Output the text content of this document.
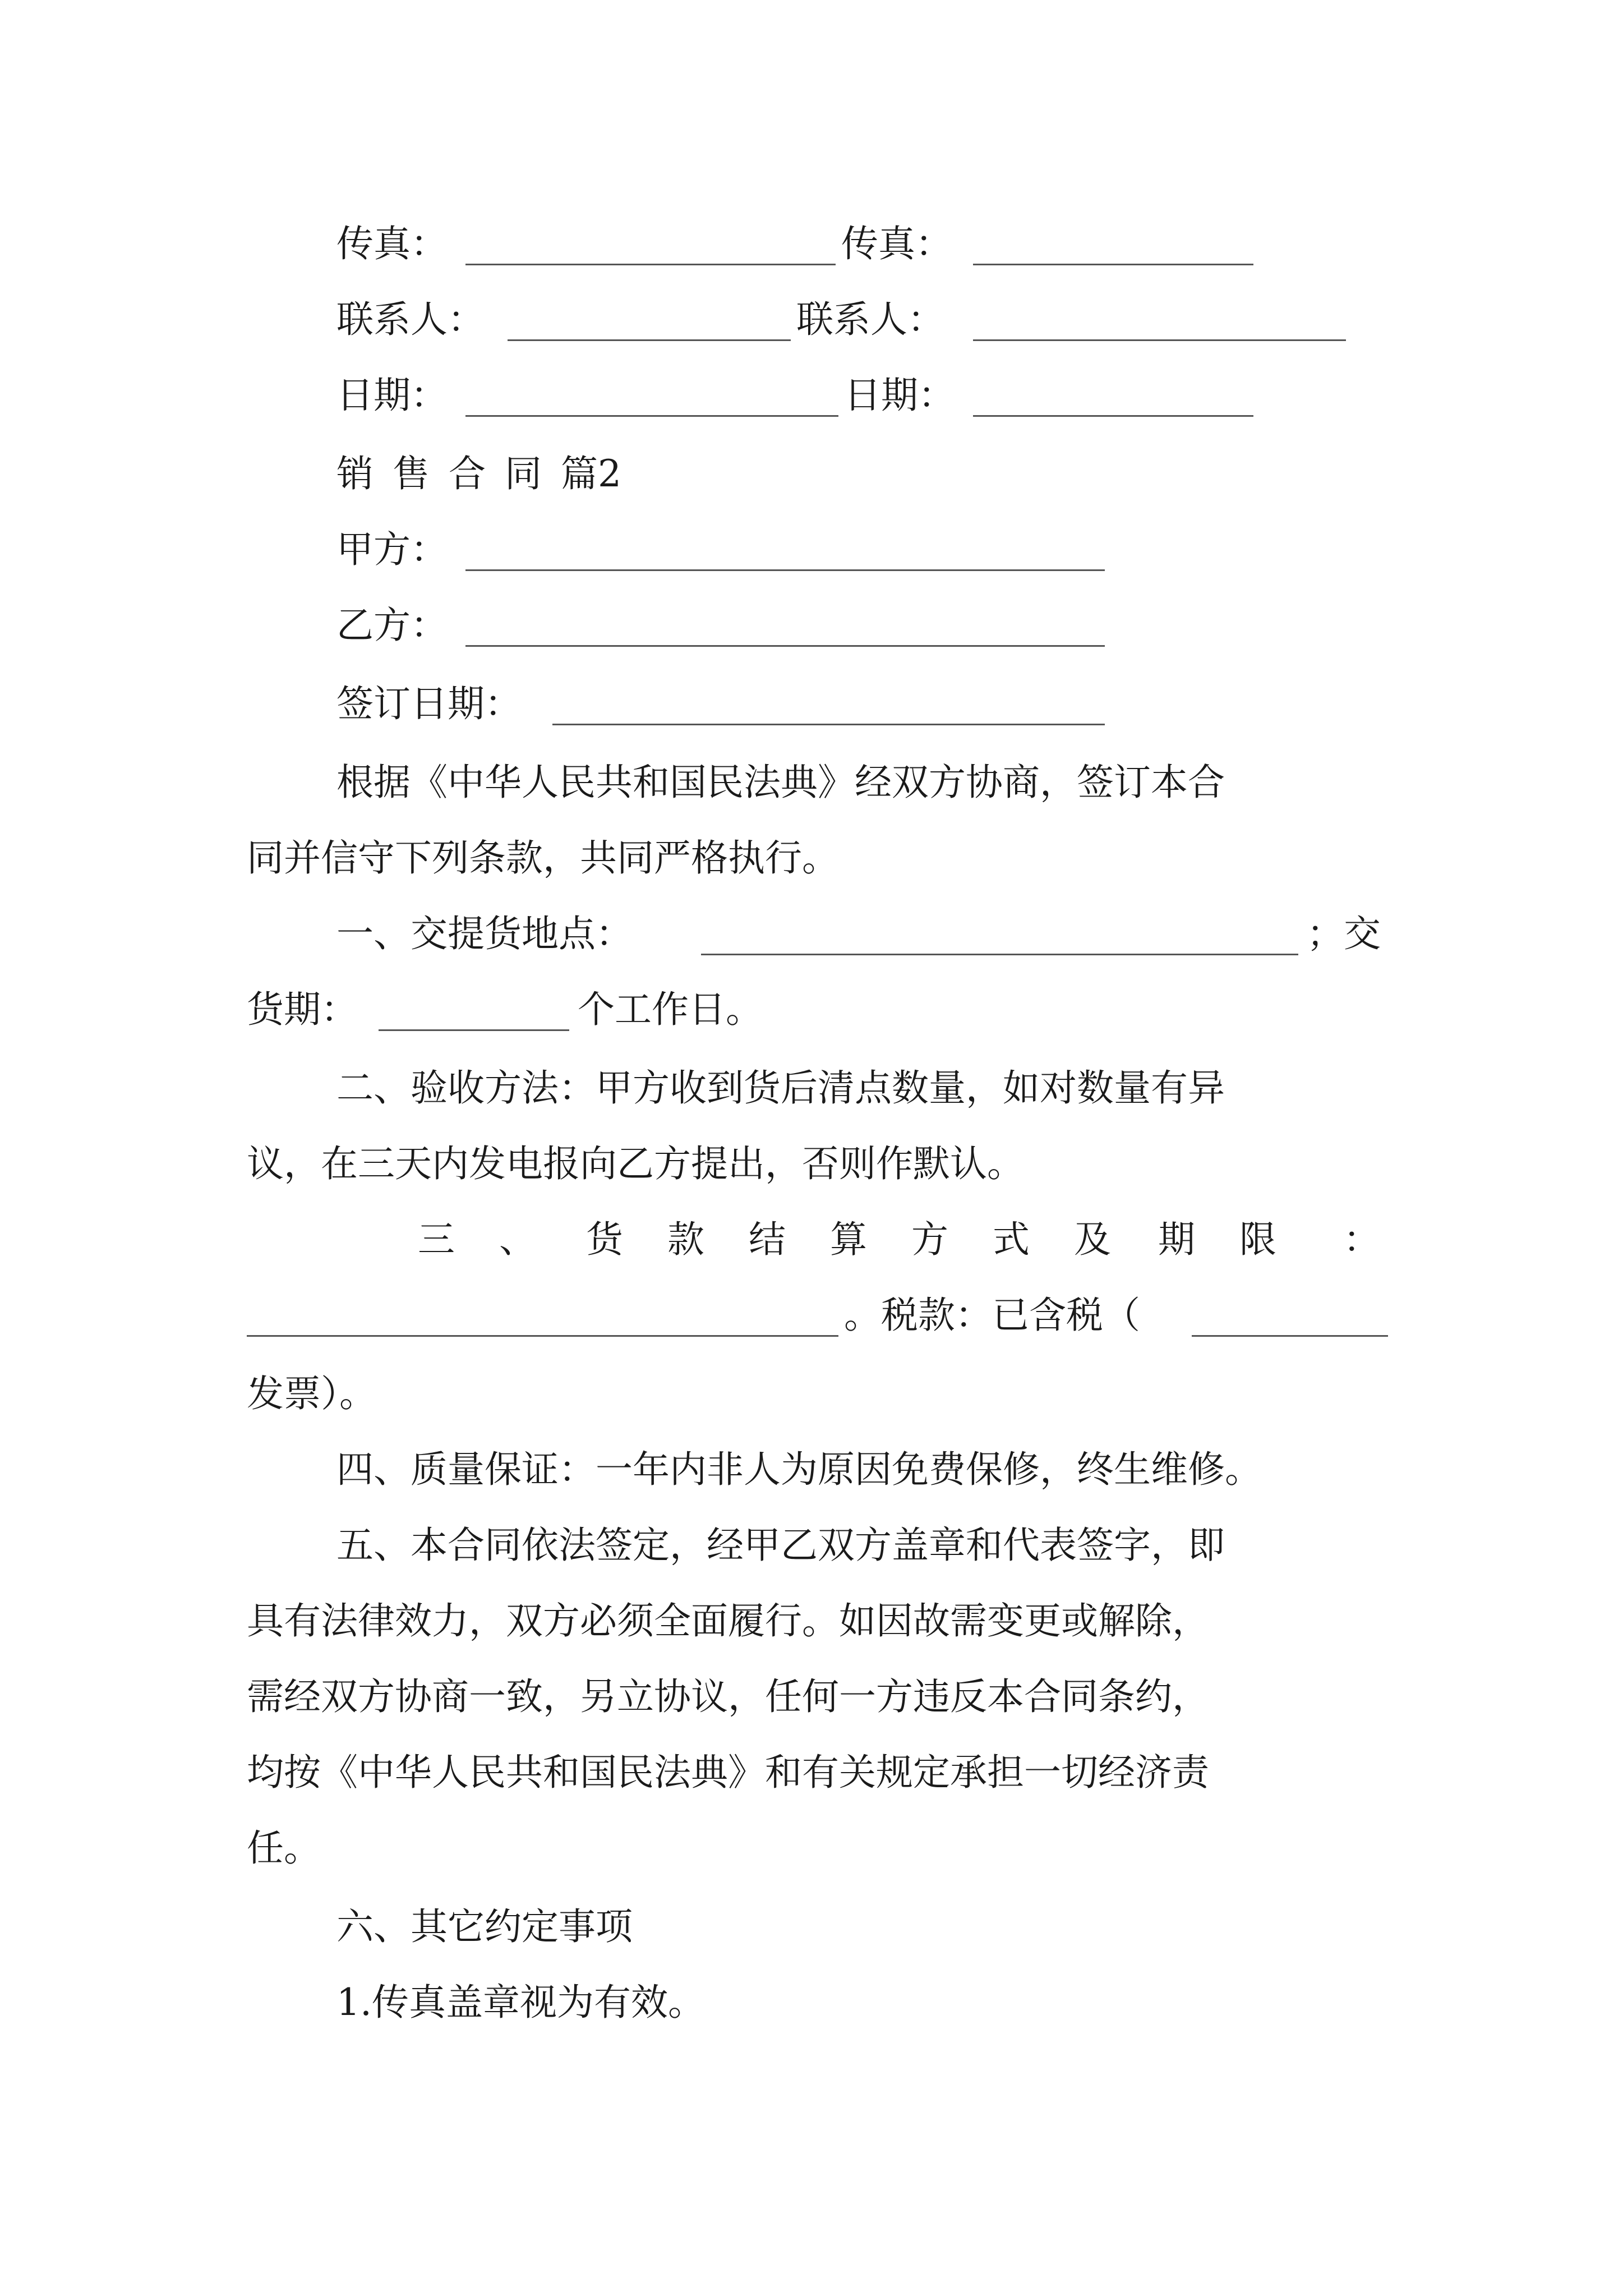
传真：	传真：
联系人：	联系人：
日期：	日期：
销 售 合 同 篇2
甲方：
乙方：
签订日期：
根据《中华人民共和国民法典》经双方协商，签订本合
同并信守下列条款，共同严格执行。
一、交提货地点：	；交
货期：	个工作日。
二、验收方法：甲方收到货后清点数量，如对数量有异
议，在三天内发电报向乙方提出，否则作默认。
三 、 货 款 结 算 方 式 及 期 限 ：
。税款：已含税（
发票）。
四、质量保证：一年内非人为原因免费保修，终生维修。
五、本合同依法签定，经甲乙双方盖章和代表签字，即
具有法律效力，双方必须全面履行。如因故需变更或解除，
需经双方协商一致，另立协议，任何一方违反本合同条约，
均按《中华人民共和国民法典》和有关规定承担一切经济责
任。
六、其它约定事项
1.传真盖章视为有效。
